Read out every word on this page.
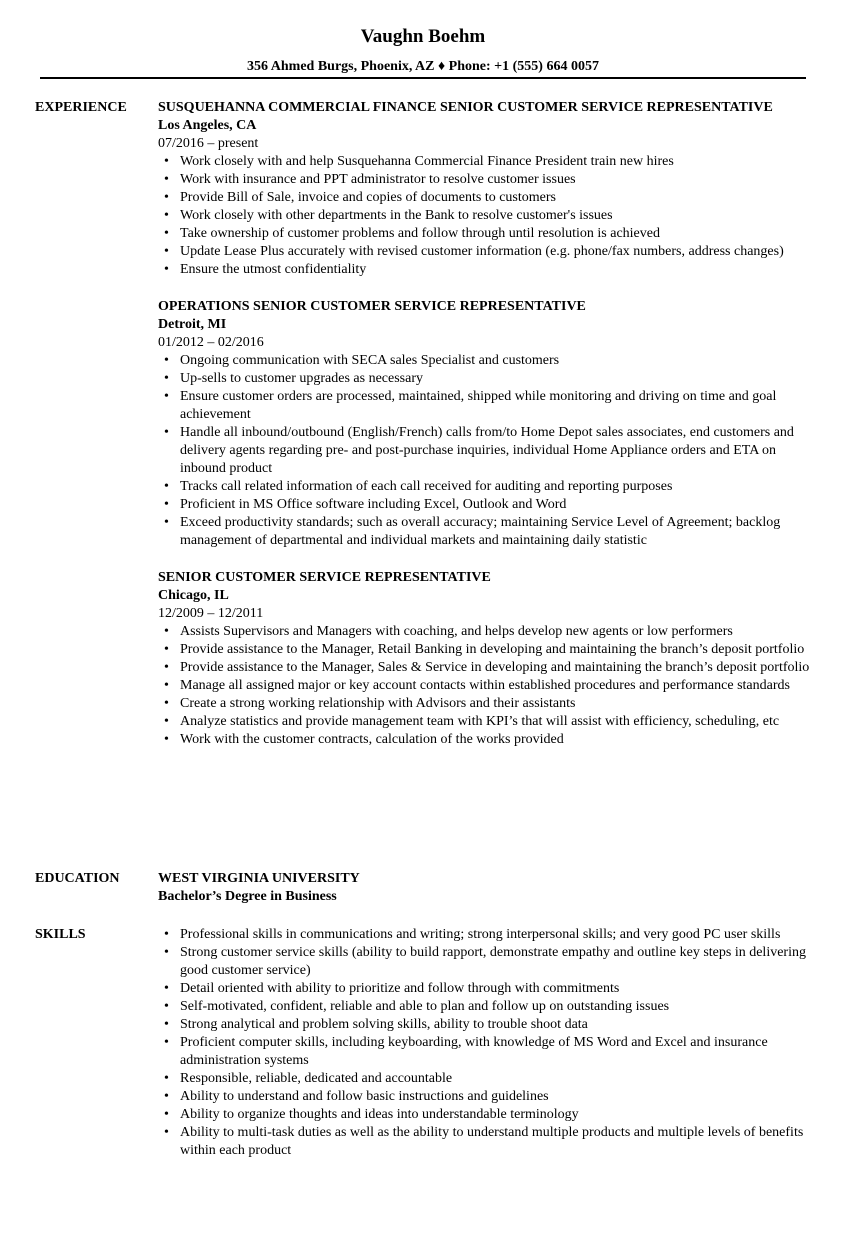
Vaughn Boehm
356 Ahmed Burgs, Phoenix, AZ ♦ Phone: +1 (555) 664 0057
EXPERIENCE	SUSQUEHANNA COMMERCIAL FINANCE SENIOR CUSTOMER SERVICE REPRESENTATIVE
Los Angeles, CA
07/2016 – present
• Work closely with and help Susquehanna Commercial Finance President train new hires
• Work with insurance and PPT administrator to resolve customer issues
• Provide Bill of Sale, invoice and copies of documents to customers
• Work closely with other departments in the Bank to resolve customer's issues
• Take ownership of customer problems and follow through until resolution is achieved
• Update Lease Plus accurately with revised customer information (e.g. phone/fax numbers, address changes)
• Ensure the utmost confidentiality
OPERATIONS SENIOR CUSTOMER SERVICE REPRESENTATIVE
Detroit, MI
01/2012 – 02/2016
• Ongoing communication with SECA sales Specialist and customers
• Up-sells to customer upgrades as necessary
• Ensure customer orders are processed, maintained, shipped while monitoring and driving on time and goal achievement
• Handle all inbound/outbound (English/French) calls from/to Home Depot sales associates, end customers and delivery agents regarding pre- and post-purchase inquiries, individual Home Appliance orders and ETA on inbound product
• Tracks call related information of each call received for auditing and reporting purposes
• Proficient in MS Office software including Excel, Outlook and Word
• Exceed productivity standards; such as overall accuracy; maintaining Service Level of Agreement; backlog management of departmental and individual markets and maintaining daily statistic
SENIOR CUSTOMER SERVICE REPRESENTATIVE
Chicago, IL
12/2009 – 12/2011
• Assists Supervisors and Managers with coaching, and helps develop new agents or low performers
• Provide assistance to the Manager, Retail Banking in developing and maintaining the branch’s deposit portfolio
• Provide assistance to the Manager, Sales & Service in developing and maintaining the branch’s deposit portfolio
• Manage all assigned major or key account contacts within established procedures and performance standards
• Create a strong working relationship with Advisors and their assistants
• Analyze statistics and provide management team with KPI’s that will assist with efficiency, scheduling, etc
• Work with the customer contracts, calculation of the works provided
EDUCATION	WEST VIRGINIA UNIVERSITY
Bachelor’s Degree in Business
SKILLS
•	Professional skills in communications and writing; strong interpersonal skills; and very good PC user skills
• Strong customer service skills (ability to build rapport, demonstrate empathy and outline key steps in delivering good customer service)
• Detail oriented with ability to prioritize and follow through with commitments
• Self-motivated, confident, reliable and able to plan and follow up on outstanding issues
• Strong analytical and problem solving skills, ability to trouble shoot data
• Proficient computer skills, including keyboarding, with knowledge of MS Word and Excel and insurance administration systems
• Responsible, reliable, dedicated and accountable
• Ability to understand and follow basic instructions and guidelines
• Ability to organize thoughts and ideas into understandable terminology
• Ability to multi-task duties as well as the ability to understand multiple products and multiple levels of benefits within each product
